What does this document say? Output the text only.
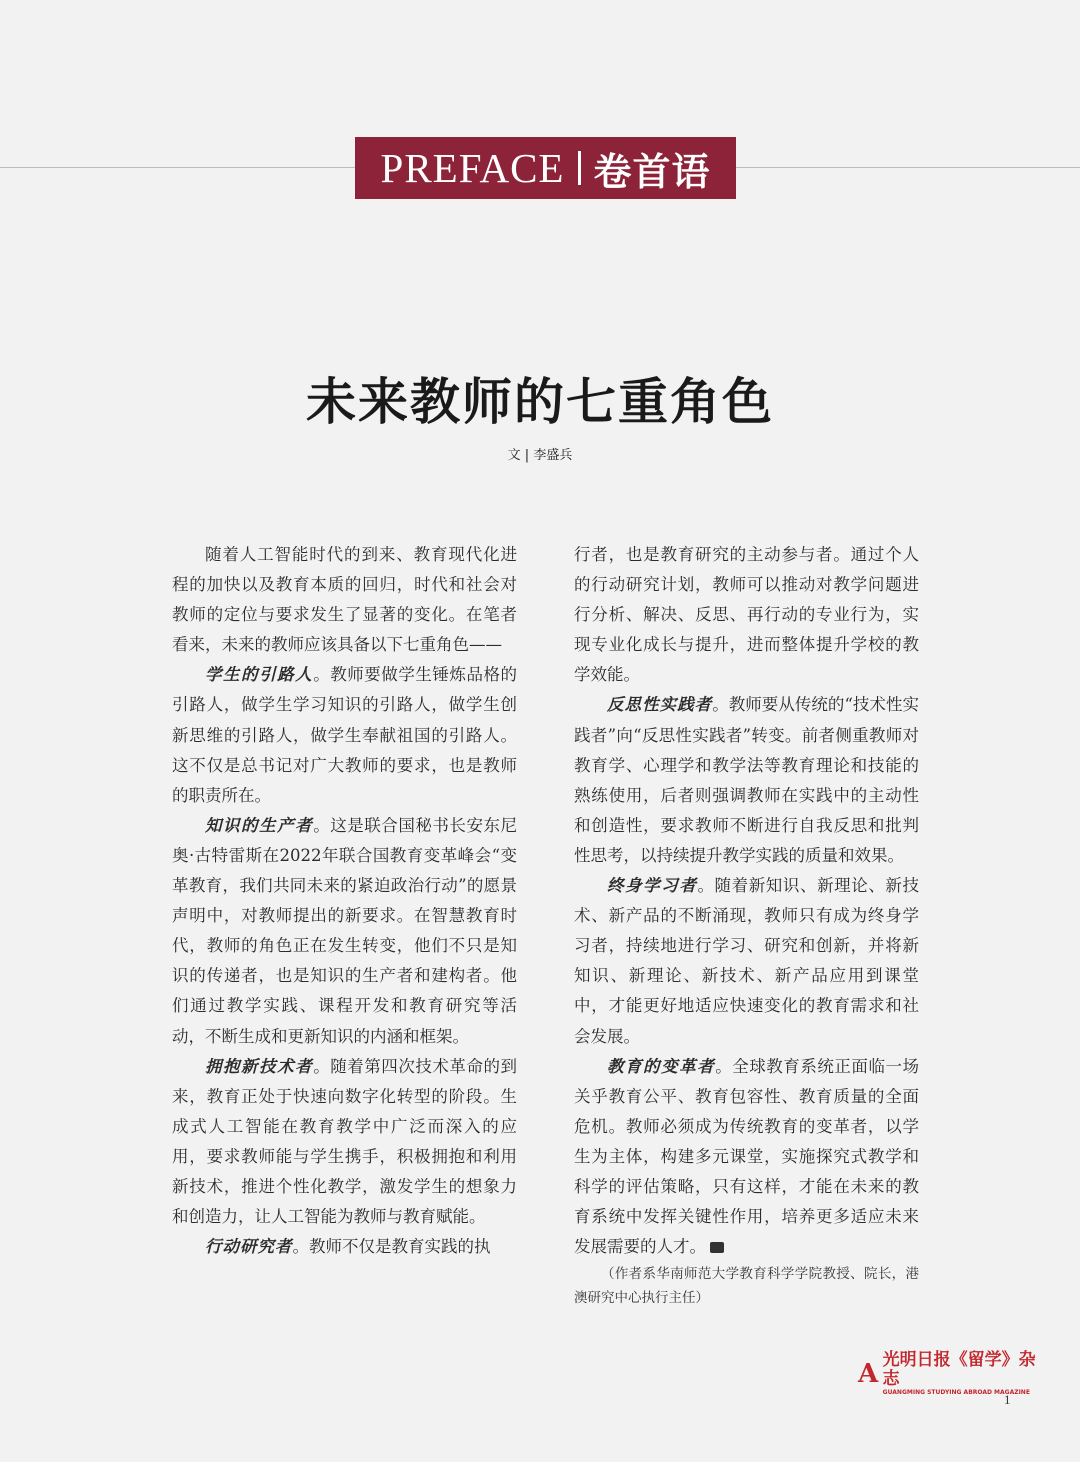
PREFACE 卷首语
未来教师的七重角色
文 | 李盛兵

随着人工智能时代的到来、教育现代化进程的加快以及教育本质的回归，时代和社会对教师的定位与要求发生了显著的变化。在笔者看来，未来的教师应该具备以下七重角色——

学生的引路人。教师要做学生锤炼品格的引路人，做学生学习知识的引路人，做学生创新思维的引路人，做学生奉献祖国的引路人。这不仅是总书记对广大教师的要求，也是教师的职责所在。

知识的生产者。这是联合国秘书长安东尼奥·古特雷斯在2022年联合国教育变革峰会“变革教育，我们共同未来的紧迫政治行动”的愿景声明中，对教师提出的新要求。在智慧教育时代，教师的角色正在发生转变，他们不只是知识的传递者，也是知识的生产者和建构者。他们通过教学实践、课程开发和教育研究等活动，不断生成和更新知识的内涵和框架。

拥抱新技术者。随着第四次技术革命的到来，教育正处于快速向数字化转型的阶段。生成式人工智能在教育教学中广泛而深入的应用，要求教师能与学生携手，积极拥抱和利用新技术，推进个性化教学，激发学生的想象力和创造力，让人工智能为教师与教育赋能。

行动研究者。教师不仅是教育实践的执

行者，也是教育研究的主动参与者。通过个人的行动研究计划，教师可以推动对教学问题进行分析、解决、反思、再行动的专业行为，实现专业化成长与提升，进而整体提升学校的教学效能。

反思性实践者。教师要从传统的“技术性实践者”向“反思性实践者”转变。前者侧重教师对教育学、心理学和教学法等教育理论和技能的熟练使用，后者则强调教师在实践中的主动性和创造性，要求教师不断进行自我反思和批判性思考，以持续提升教学实践的质量和效果。

终身学习者。随着新知识、新理论、新技术、新产品的不断涌现，教师只有成为终身学习者，持续地进行学习、研究和创新，并将新知识、新理论、新技术、新产品应用到课堂中，才能更好地适应快速变化的教育需求和社会发展。

教育的变革者。全球教育系统正面临一场关乎教育公平、教育包容性、教育质量的全面危机。教师必须成为传统教育的变革者，以学生为主体，构建多元课堂，实施探究式教学和科学的评估策略，只有这样，才能在未来的教育系统中发挥关键性作用，培养更多适应未来发展需要的人才。	∞

（作者系华南师范大学教育科学学院教授、院长，港澳研究中心执行主任）

A 光明日报《留学》杂志
GUANGMING STUDYING ABROAD MAGAZINE
1
